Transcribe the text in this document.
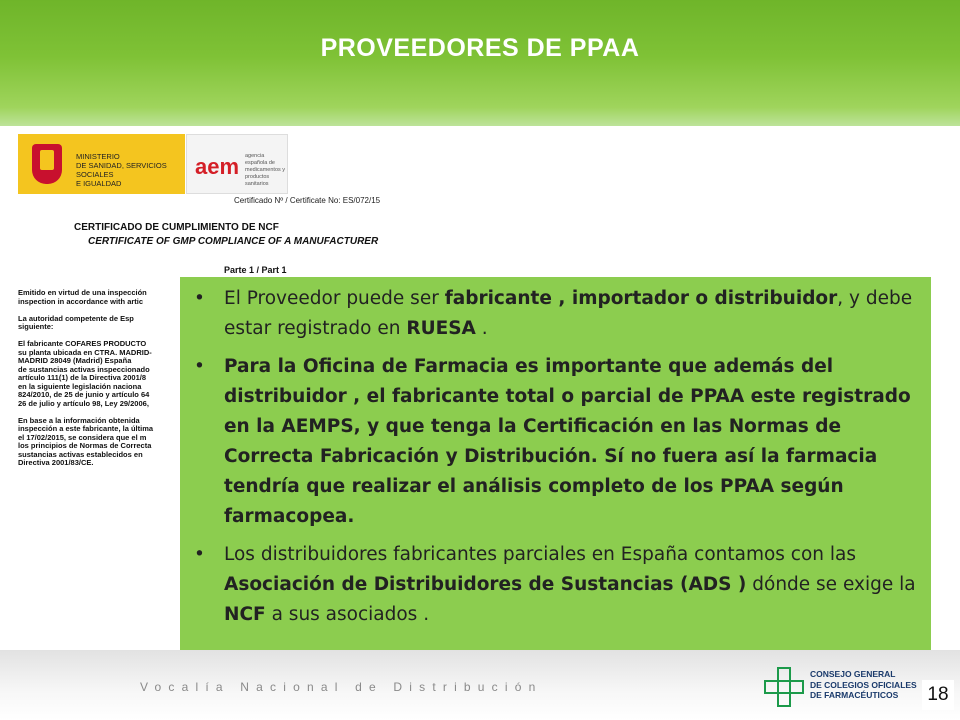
PROVEEDORES DE PPAA
MINISTERIO
DE SANIDAD, SERVICIOS SOCIALES
E IGUALDAD
aem agencia española de
medicamentos y
productos sanitarios
Certificado Nº / Certificate No: ES/072/15
CERTIFICADO DE CUMPLIMIENTO DE NCF
CERTIFICATE OF GMP COMPLIANCE OF A MANUFACTURER
Parte 1 / Part 1
Emitido en virtud de una inspección
inspection in accordance with artic
La autoridad competente de Esp
siguiente:
El fabricante COFARES PRODUCTO
su planta ubicada en CTRA. MADRID-
MADRID 28049 (Madrid) España
de sustancias activas inspeccionado
artículo 111(1) de la Directiva 2001/8
en la siguiente legislación naciona
824/2010, de 25 de junio y artículo 64
26 de julio y artículo 98, Ley 29/2006,
En base a la información obtenida
inspección a este fabricante, la última
el 17/02/2015, se considera que el m
los principios de Normas de Correcta
sustancias activas establecidos en
Directiva 2001/83/CE.
• El Proveedor puede ser fabricante , importador o distribuidor, y debe estar registrado en RUESA .
• Para la Oficina de Farmacia es importante que además del distribuidor , el fabricante total o parcial de PPAA este registrado en la AEMPS, y que tenga la Certificación en las Normas de Correcta Fabricación y Distribución. Sí no fuera así la farmacia tendría que realizar el análisis completo de los PPAA según farmacopea.
• Los distribuidores fabricantes parciales en España contamos con las Asociación de Distribuidores de Sustancias (ADS ) dónde se exige la NCF a sus asociados .
Vocalía Nacional de Distribución
CONSEJO GENERAL
DE COLEGIOS OFICIALES
DE FARMACÉUTICOS	18
